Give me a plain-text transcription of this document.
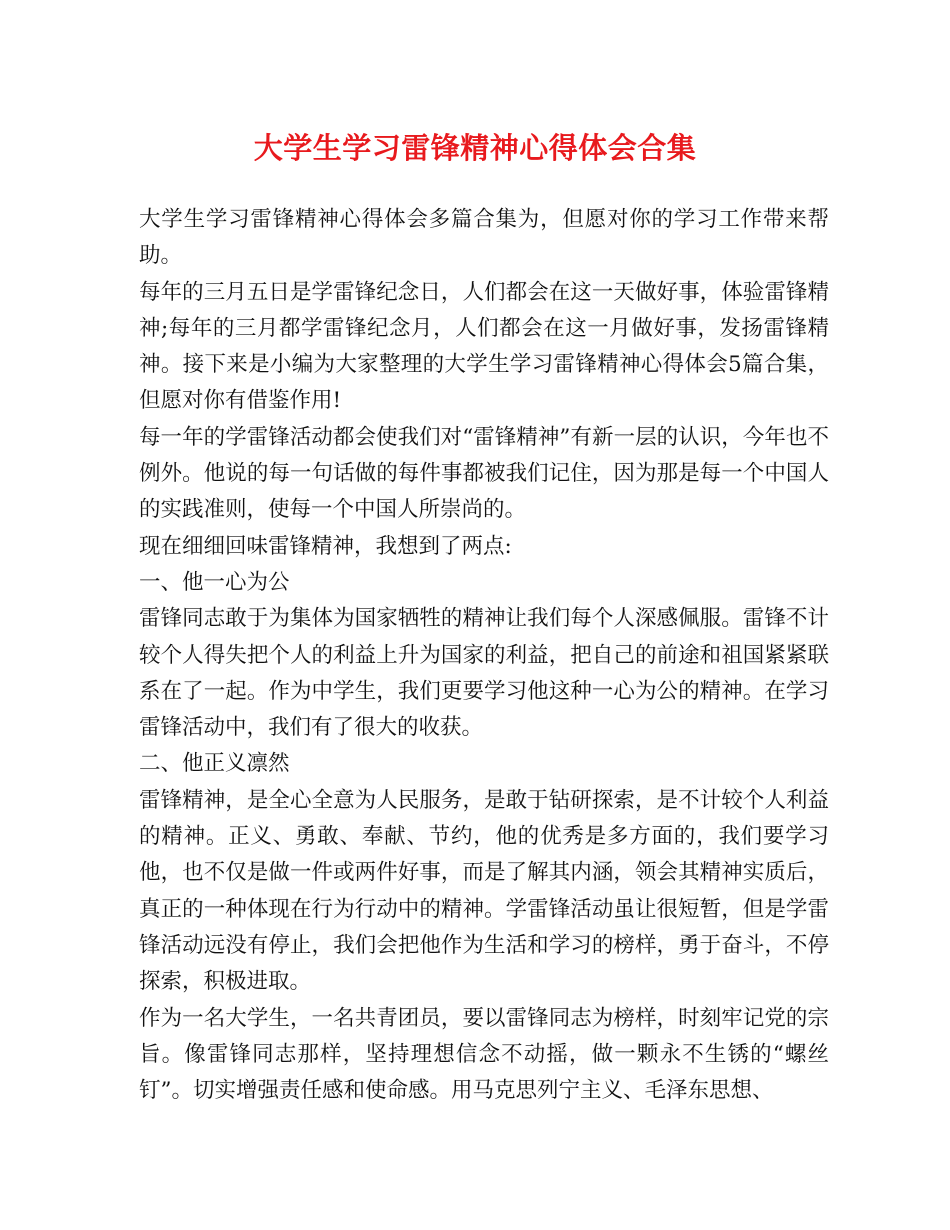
大学生学习雷锋精神心得体会合集

大学生学习雷锋精神心得体会多篇合集为，但愿对你的学习工作带来帮助。

每年的三月五日是学雷锋纪念日，人们都会在这一天做好事，体验雷锋精神;每年的三月都学雷锋纪念月，人们都会在这一月做好事，发扬雷锋精神。接下来是小编为大家整理的大学生学习雷锋精神心得体会5篇合集，但愿对你有借鉴作用!

每一年的学雷锋活动都会使我们对“雷锋精神”有新一层的认识，今年也不例外。他说的每一句话做的每件事都被我们记住，因为那是每一个中国人的实践准则，使每一个中国人所崇尚的。

现在细细回味雷锋精神，我想到了两点:

一、他一心为公

雷锋同志敢于为集体为国家牺牲的精神让我们每个人深感佩服。雷锋不计较个人得失把个人的利益上升为国家的利益，把自己的前途和祖国紧紧联系在了一起。作为中学生，我们更要学习他这种一心为公的精神。在学习雷锋活动中，我们有了很大的收获。

二、他正义凛然

雷锋精神，是全心全意为人民服务，是敢于钻研探索，是不计较个人利益的精神。正义、勇敢、奉献、节约，他的优秀是多方面的，我们要学习他，也不仅是做一件或两件好事，而是了解其内涵，领会其精神实质后，真正的一种体现在行为行动中的精神。学雷锋活动虽让很短暂，但是学雷锋活动远没有停止，我们会把他作为生活和学习的榜样，勇于奋斗，不停探索，积极进取。

作为一名大学生，一名共青团员，要以雷锋同志为榜样，时刻牢记党的宗旨。像雷锋同志那样，坚持理想信念不动摇，做一颗永不生锈的“螺丝钉”。切实增强责任感和使命感。用马克思列宁主义、毛泽东思想、
